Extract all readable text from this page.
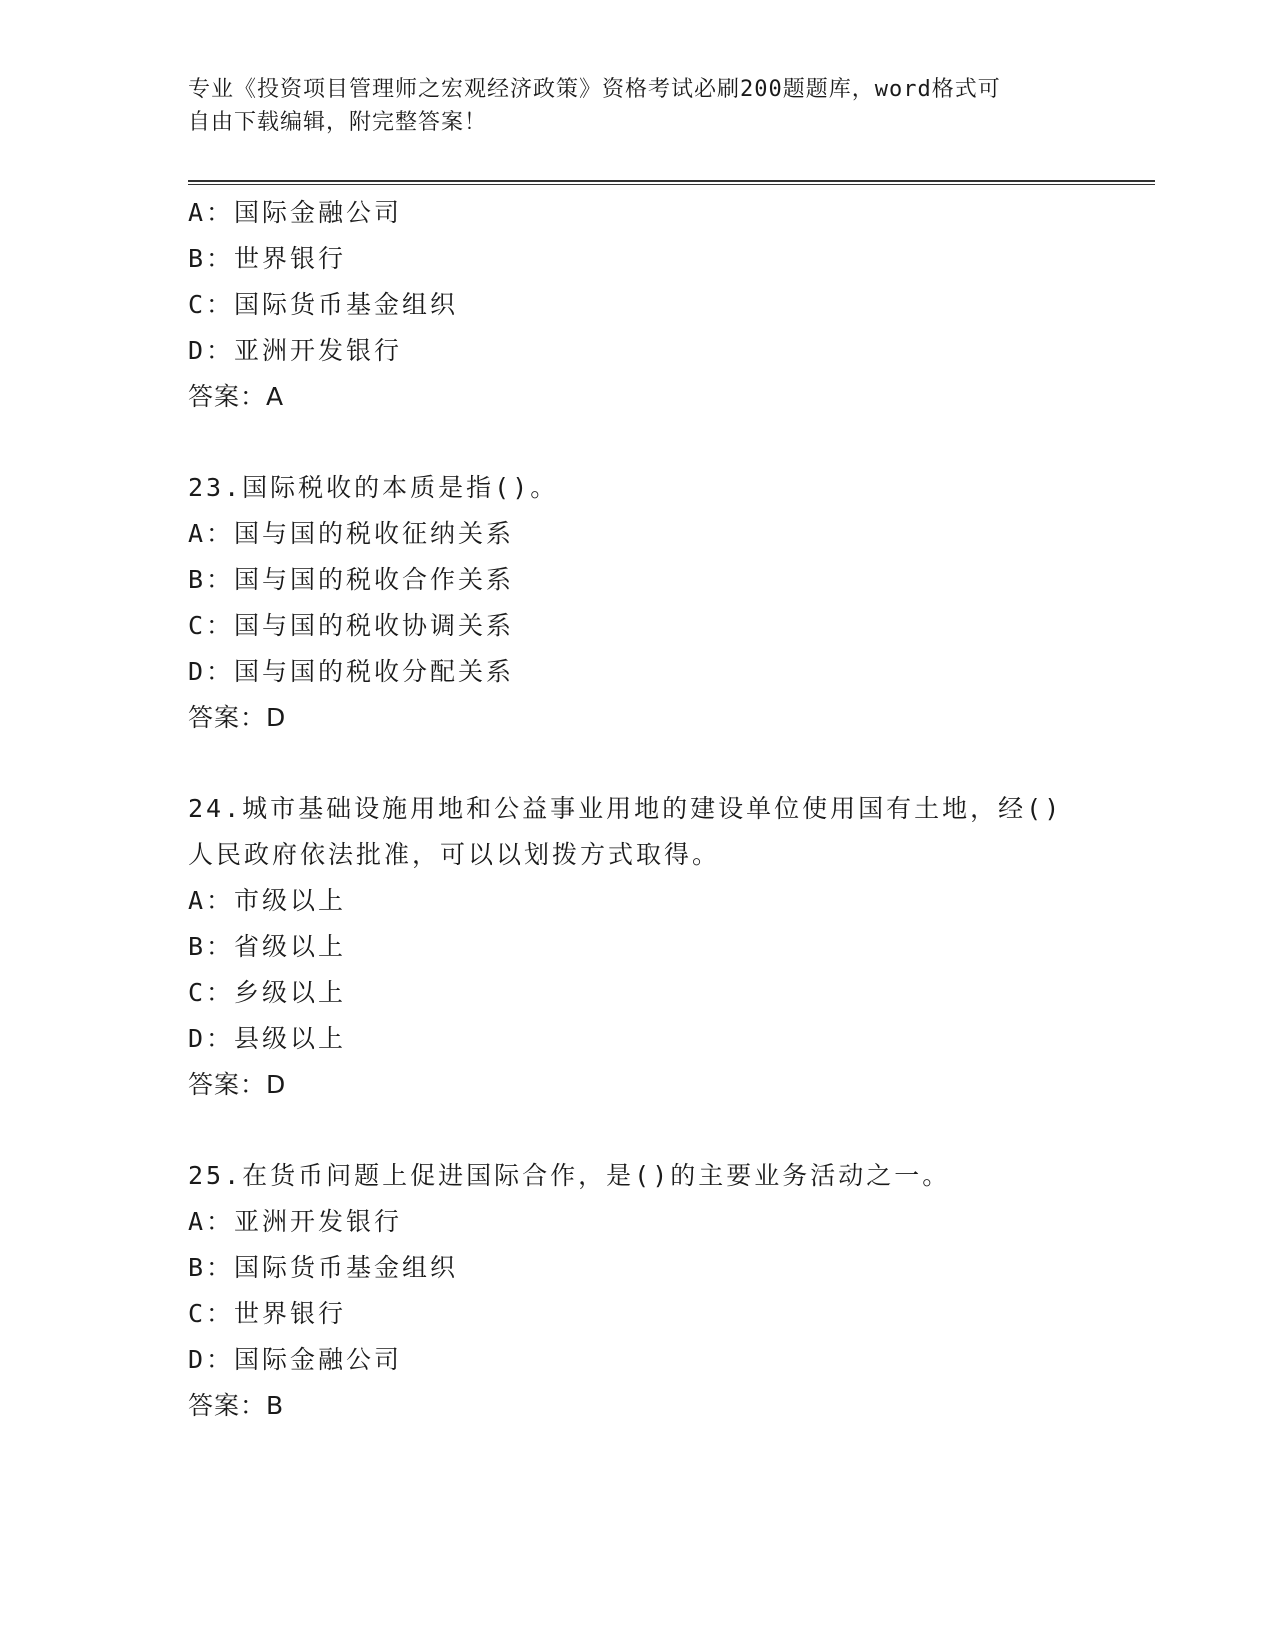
专业《投资项目管理师之宏观经济政策》资格考试必刷200题题库，word格式可
自由下载编辑，附完整答案！
A：国际金融公司
B：世界银行
C：国际货币基金组织
D：亚洲开发银行
答案：A
23.国际税收的本质是指()。
A：国与国的税收征纳关系
B：国与国的税收合作关系
C：国与国的税收协调关系
D：国与国的税收分配关系
答案：D
24.城市基础设施用地和公益事业用地的建设单位使用国有土地，经()
人民政府依法批准，可以以划拨方式取得。
A：市级以上
B：省级以上
C：乡级以上
D：县级以上
答案：D
25.在货币问题上促进国际合作，是()的主要业务活动之一。
A：亚洲开发银行
B：国际货币基金组织
C：世界银行
D：国际金融公司
答案：B
